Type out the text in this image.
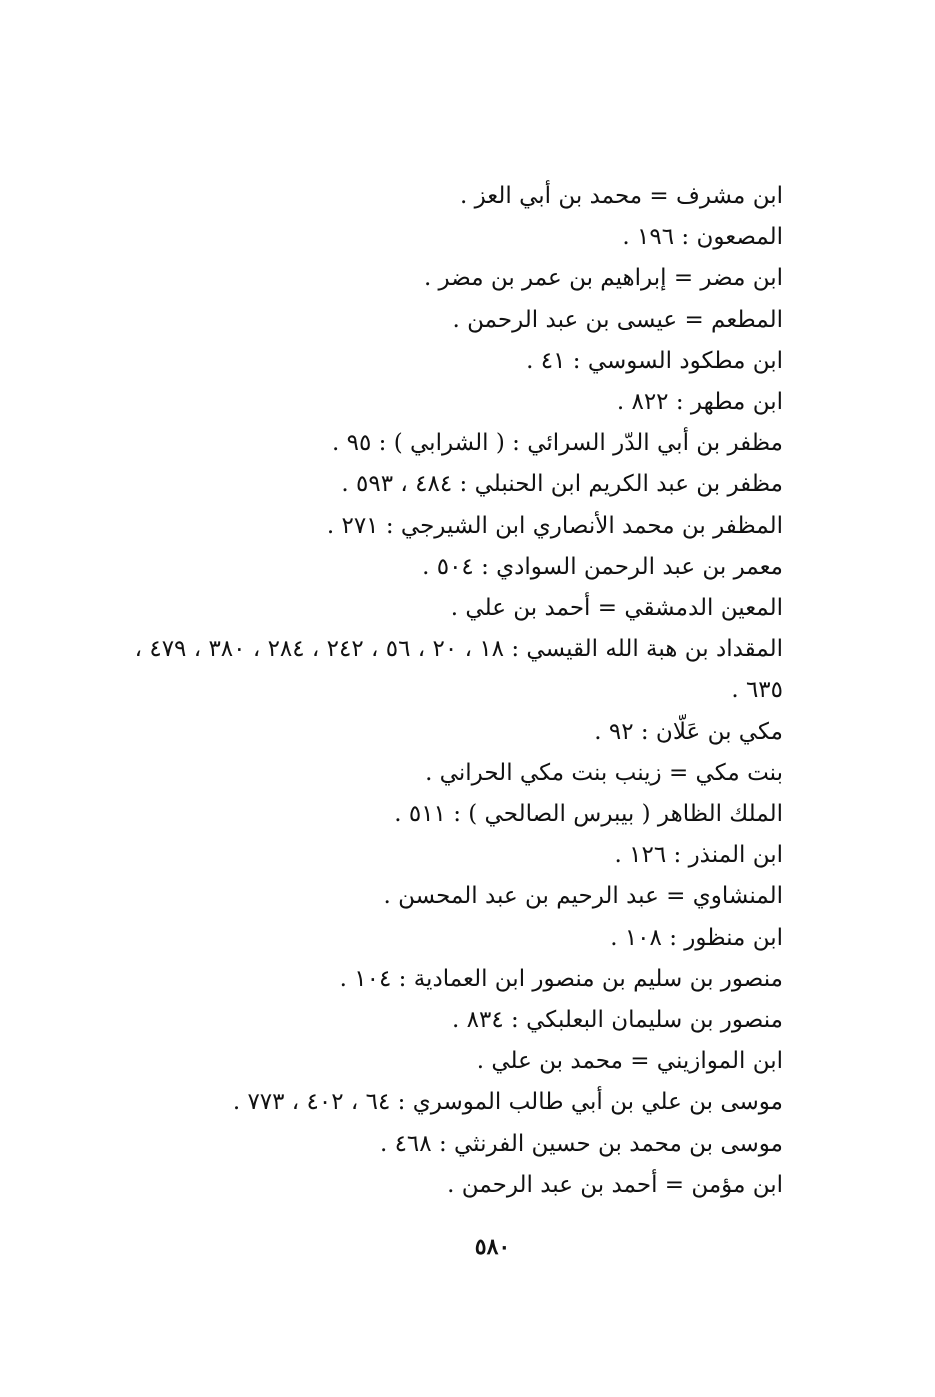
ابن مشرف = محمد بن أبي العز .
المصعون : ١٩٦ .
ابن مضر = إبراهيم بن عمر بن مضر .
المطعم = عيسى بن عبد الرحمن .
ابن مطكود السوسي : ٤١ .
ابن مطهر : ٨٢٢ .
مظفر بن أبي الدّر السرائي : ( الشرابي ) : ٩٥ .
مظفر بن عبد الكريم ابن الحنبلي : ٤٨٤ ، ٥٩٣ .
المظفر بن محمد الأنصاري ابن الشيرجي : ٢٧١ .
معمر بن عبد الرحمن السوادي : ٥٠٤ .
المعين الدمشقي = أحمد بن علي .
المقداد بن هبة الله القيسي : ١٨ ، ٢٠ ، ٥٦ ، ٢٤٢ ، ٢٨٤ ، ٣٨٠ ، ٤٧٩ ، ٦٣٥ .
مكي بن عَلّان : ٩٢ .
بنت مكي = زينب بنت مكي الحراني .
الملك الظاهر ( بيبرس الصالحي ) : ٥١١ .
ابن المنذر : ١٢٦ .
المنشاوي = عبد الرحيم بن عبد المحسن .
ابن منظور : ١٠٨ .
منصور بن سليم بن منصور ابن العمادية : ١٠٤ .
منصور بن سليمان البعلبكي : ٨٣٤ .
ابن الموازيني = محمد بن علي .
موسى بن علي بن أبي طالب الموسري : ٦٤ ، ٤٠٢ ، ٧٧٣ .
موسى بن محمد بن حسين الفرنثي : ٤٦٨ .
ابن مؤمن = أحمد بن عبد الرحمن .
٥٨٠
